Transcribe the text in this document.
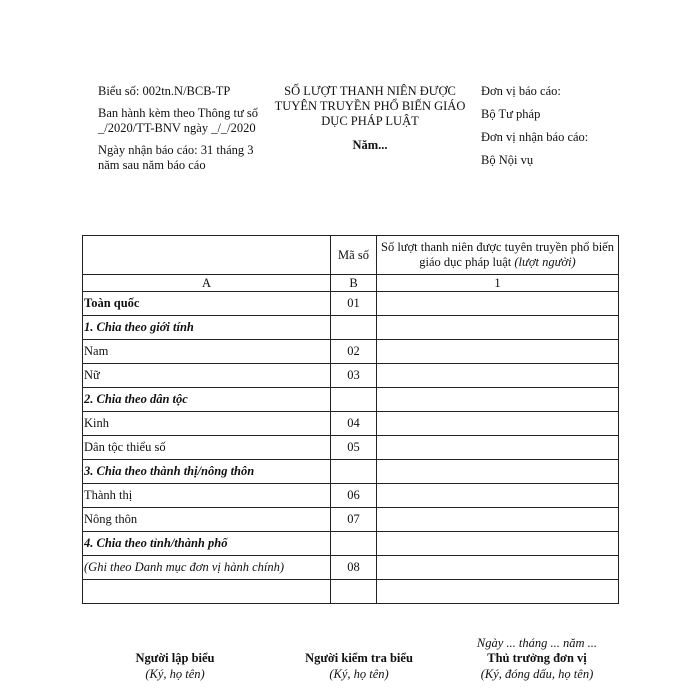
Biểu số: 002tn.N/BCB-TP

Ban hành kèm theo Thông tư số _/2020/TT-BNV ngày _/_/2020

Ngày nhận báo cáo: 31 tháng 3 năm sau năm báo cáo

SỐ LƯỢT THANH NIÊN ĐƯỢC TUYÊN TRUYỀN PHỔ BIẾN GIÁO DỤC PHÁP LUẬT
Năm...

Đơn vị báo cáo:

Bộ Tư pháp

Đơn vị nhận báo cáo:

Bộ Nội vụ

	Mã số	Số lượt thanh niên được tuyên truyền phổ biến giáo dục pháp luật (lượt người)
A	B	1
Toàn quốc	01	
1. Chia theo giới tính		
Nam	02	
Nữ	03	
2. Chia theo dân tộc		
Kinh	04	
Dân tộc thiểu số	05	
3. Chia theo thành thị/nông thôn		
Thành thị	06	
Nông thôn	07	
4. Chia theo tỉnh/thành phố		
(Ghi theo Danh mục đơn vị hành chính)	08	

Ngày ... tháng ... năm ...
Người lập biểu
(Ký, họ tên)
Người kiểm tra biểu
(Ký, họ tên)
Thủ trưởng đơn vị
(Ký, đóng dấu, họ tên)
